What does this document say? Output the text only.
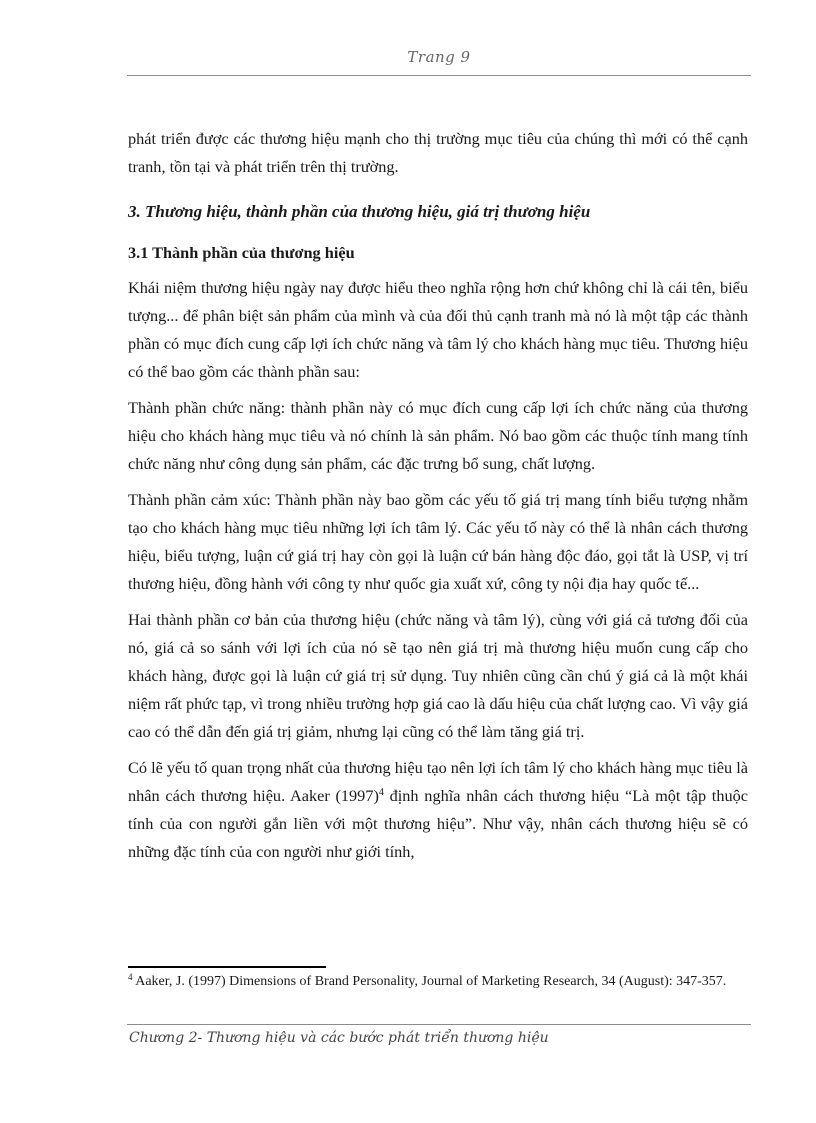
Trang 9

phát triển được các thương hiệu mạnh cho thị trường mục tiêu của chúng thì mới có thể cạnh tranh, tồn tại và phát triển trên thị trường.

3. Thương hiệu, thành phần của thương hiệu, giá trị thương hiệu
3.1 Thành phần của thương hiệu

Khái niệm thương hiệu ngày nay được hiểu theo nghĩa rộng hơn chứ không chỉ là cái tên, biểu tượng... để phân biệt sản phẩm của mình và của đối thủ cạnh tranh mà nó là một tập các thành phần có mục đích cung cấp lợi ích chức năng và tâm lý cho khách hàng mục tiêu. Thương hiệu có thể bao gồm các thành phần sau:

Thành phần chức năng: thành phần này có mục đích cung cấp lợi ích chức năng của thương hiệu cho khách hàng mục tiêu và nó chính là sản phẩm. Nó bao gồm các thuộc tính mang tính chức năng như công dụng sản phẩm, các đặc trưng bổ sung, chất lượng.

Thành phần cảm xúc: Thành phần này bao gồm các yếu tố giá trị mang tính biểu tượng nhằm tạo cho khách hàng mục tiêu những lợi ích tâm lý. Các yếu tố này có thể là nhân cách thương hiệu, biểu tượng, luận cứ giá trị hay còn gọi là luận cứ bán hàng độc đáo, gọi tắt là USP, vị trí thương hiệu, đồng hành với công ty như quốc gia xuất xứ, công ty nội địa hay quốc tế...

Hai thành phần cơ bản của thương hiệu (chức năng và tâm lý), cùng với giá cả tương đối của nó, giá cả so sánh với lợi ích của nó sẽ tạo nên giá trị mà thương hiệu muốn cung cấp cho khách hàng, được gọi là luận cứ giá trị sử dụng. Tuy nhiên cũng cần chú ý giá cả là một khái niệm rất phức tạp, vì trong nhiều trường hợp giá cao là dấu hiệu của chất lượng cao. Vì vậy giá cao có thể dẫn đến giá trị giảm, nhưng lại cũng có thể làm tăng giá trị.

Có lẽ yếu tố quan trọng nhất của thương hiệu tạo nên lợi ích tâm lý cho khách hàng mục tiêu là nhân cách thương hiệu. Aaker $(1997)^4$ định nghĩa nhân cách thương hiệu “Là một tập thuộc tính của con người gắn liền với một thương hiệu”. Như vậy, nhân cách thương hiệu sẽ có những đặc tính của con người như giới tính,

$^4$ Aaker, J. (1997) Dimensions of Brand Personality, Journal of Marketing Research, 34 (August): 347-357.
Chương 2- Thương hiệu và các bước phát triển thương hiệu
